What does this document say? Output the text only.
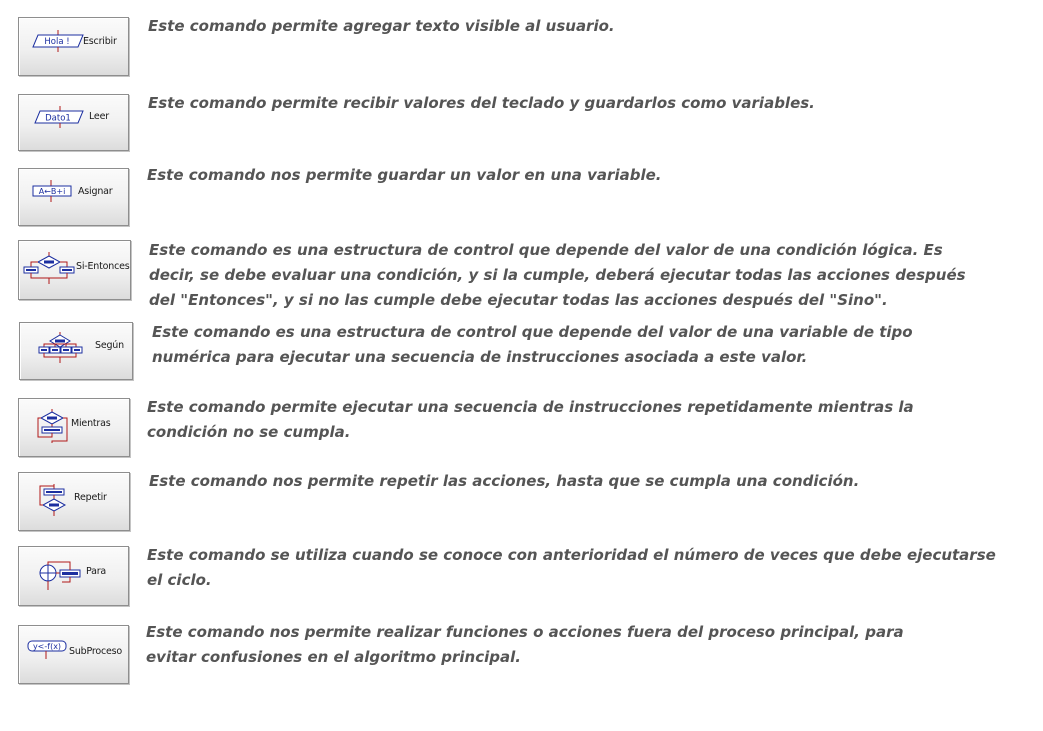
Hola ! Escribir

Este comando permite agregar texto visible al usuario.

Dato1 Leer

Este comando permite recibir valores del teclado y guardarlos como variables.

A←B+i Asignar

Este comando nos permite guardar un valor en una variable.

Si-Entonces

Este comando es una estructura de control que depende del valor de una condición lógica. Es decir, se debe evaluar una condición, y si la cumple, deberá ejecutar todas las acciones después del "Entonces", y si no las cumple debe ejecutar todas las acciones después del "Sino".

Según

Este comando es una estructura de control que depende del valor de una variable de tipo numérica para ejecutar una secuencia de instrucciones asociada a este valor.

Mientras

Este comando permite ejecutar una secuencia de instrucciones repetidamente mientras la condición no se cumpla.

Repetir

Este comando nos permite repetir las acciones, hasta que se cumpla una condición.

Para

Este comando se utiliza cuando se conoce con anterioridad el número de veces que debe ejecutarse el ciclo.

y<-f(x) SubProceso

Este comando nos permite realizar funciones o acciones fuera del proceso principal, para evitar confusiones en el algoritmo principal.
